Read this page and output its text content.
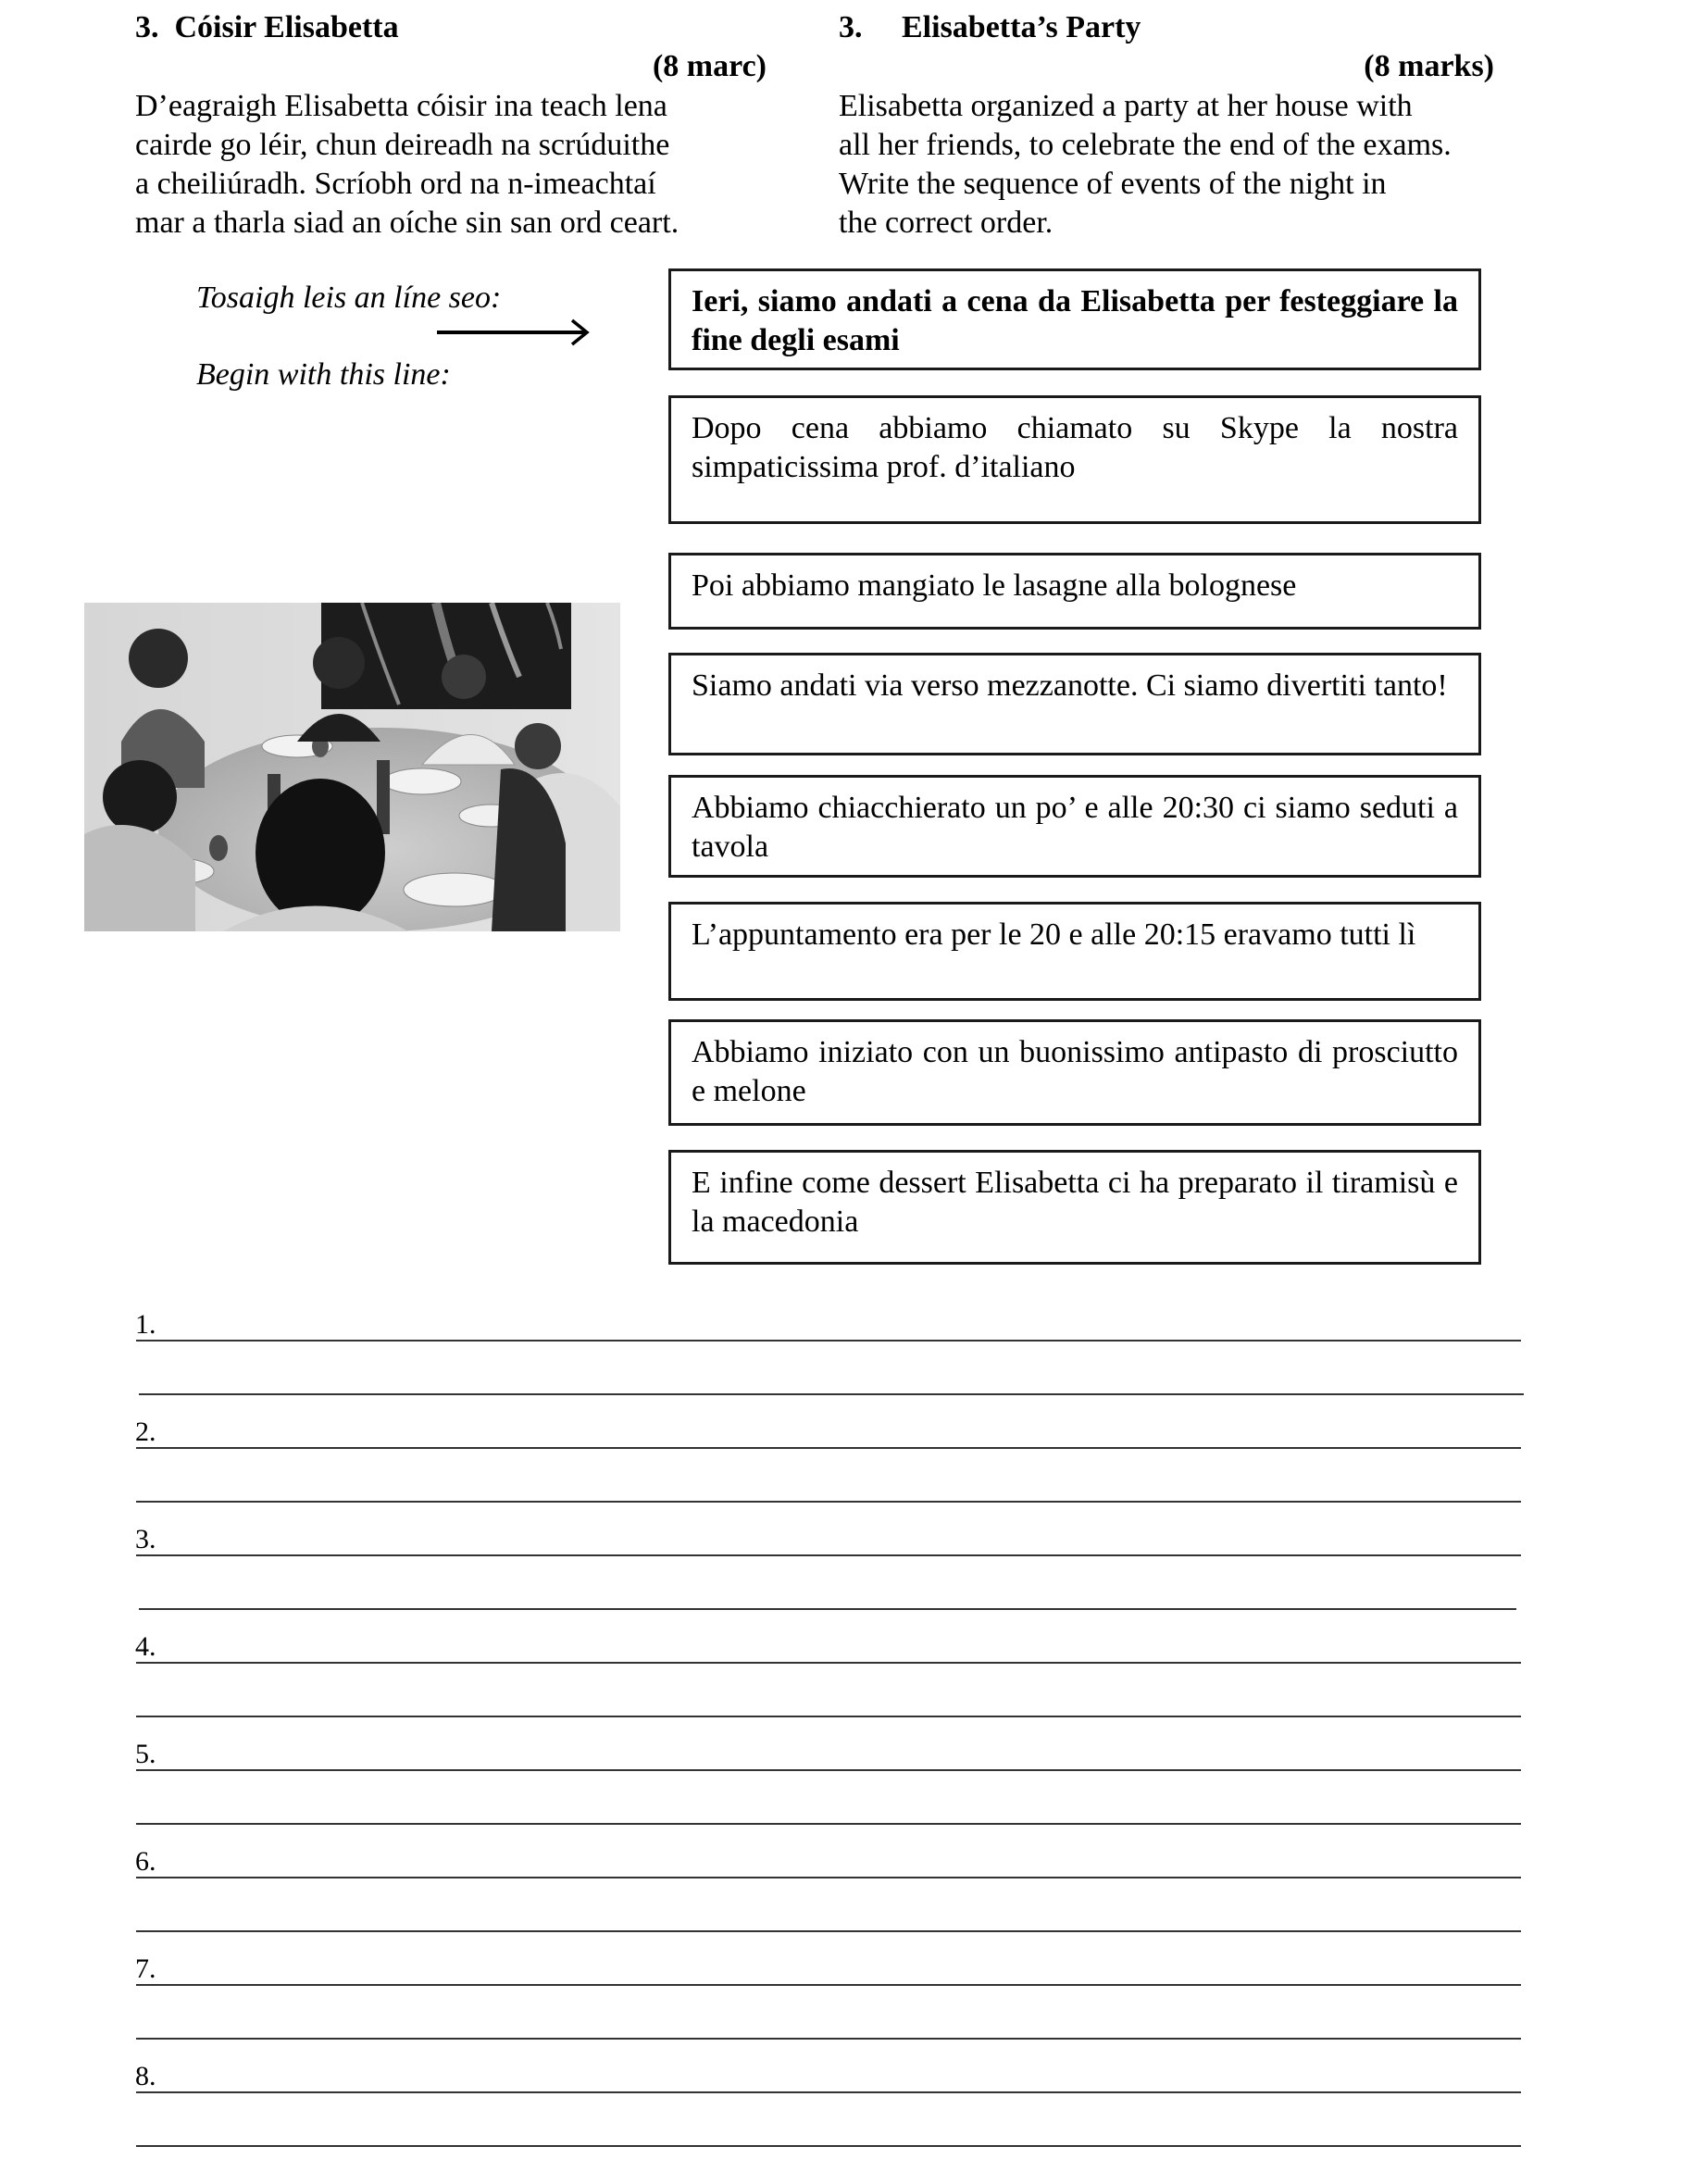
3.  Cóisir Elisabetta
(8 marc)
D’eagraigh Elisabetta cóisir ina teach lena
cairde go léir, chun deireadh na scrúduithe
a cheiliúradh. Scríobh ord na n-imeachtaí
mar a tharla siad an oíche sin san ord ceart.
3.     Elisabetta’s Party
(8 marks)
Elisabetta organized a party at her house with
all her friends, to celebrate the end of the exams.
Write the sequence of events of the night in
the correct order.
Tosaigh leis an líne seo:
Begin with this line:
Ieri, siamo andati a cena da Elisabetta per festeggiare la fine degli esami
Dopo cena abbiamo chiamato su Skype la nostra simpaticissima prof. d’italiano
Poi abbiamo mangiato le lasagne alla bolognese
Siamo andati via verso mezzanotte. Ci siamo divertiti tanto!
Abbiamo chiacchierato un po’ e alle 20:30 ci siamo seduti a tavola
L’appuntamento era per le 20 e alle 20:15 eravamo tutti lì
Abbiamo iniziato con un buonissimo antipasto di prosciutto e melone
E infine come dessert Elisabetta ci ha preparato il tiramisù e la macedonia
1.
2.
3.
4.
5.
6.
7.
8.
